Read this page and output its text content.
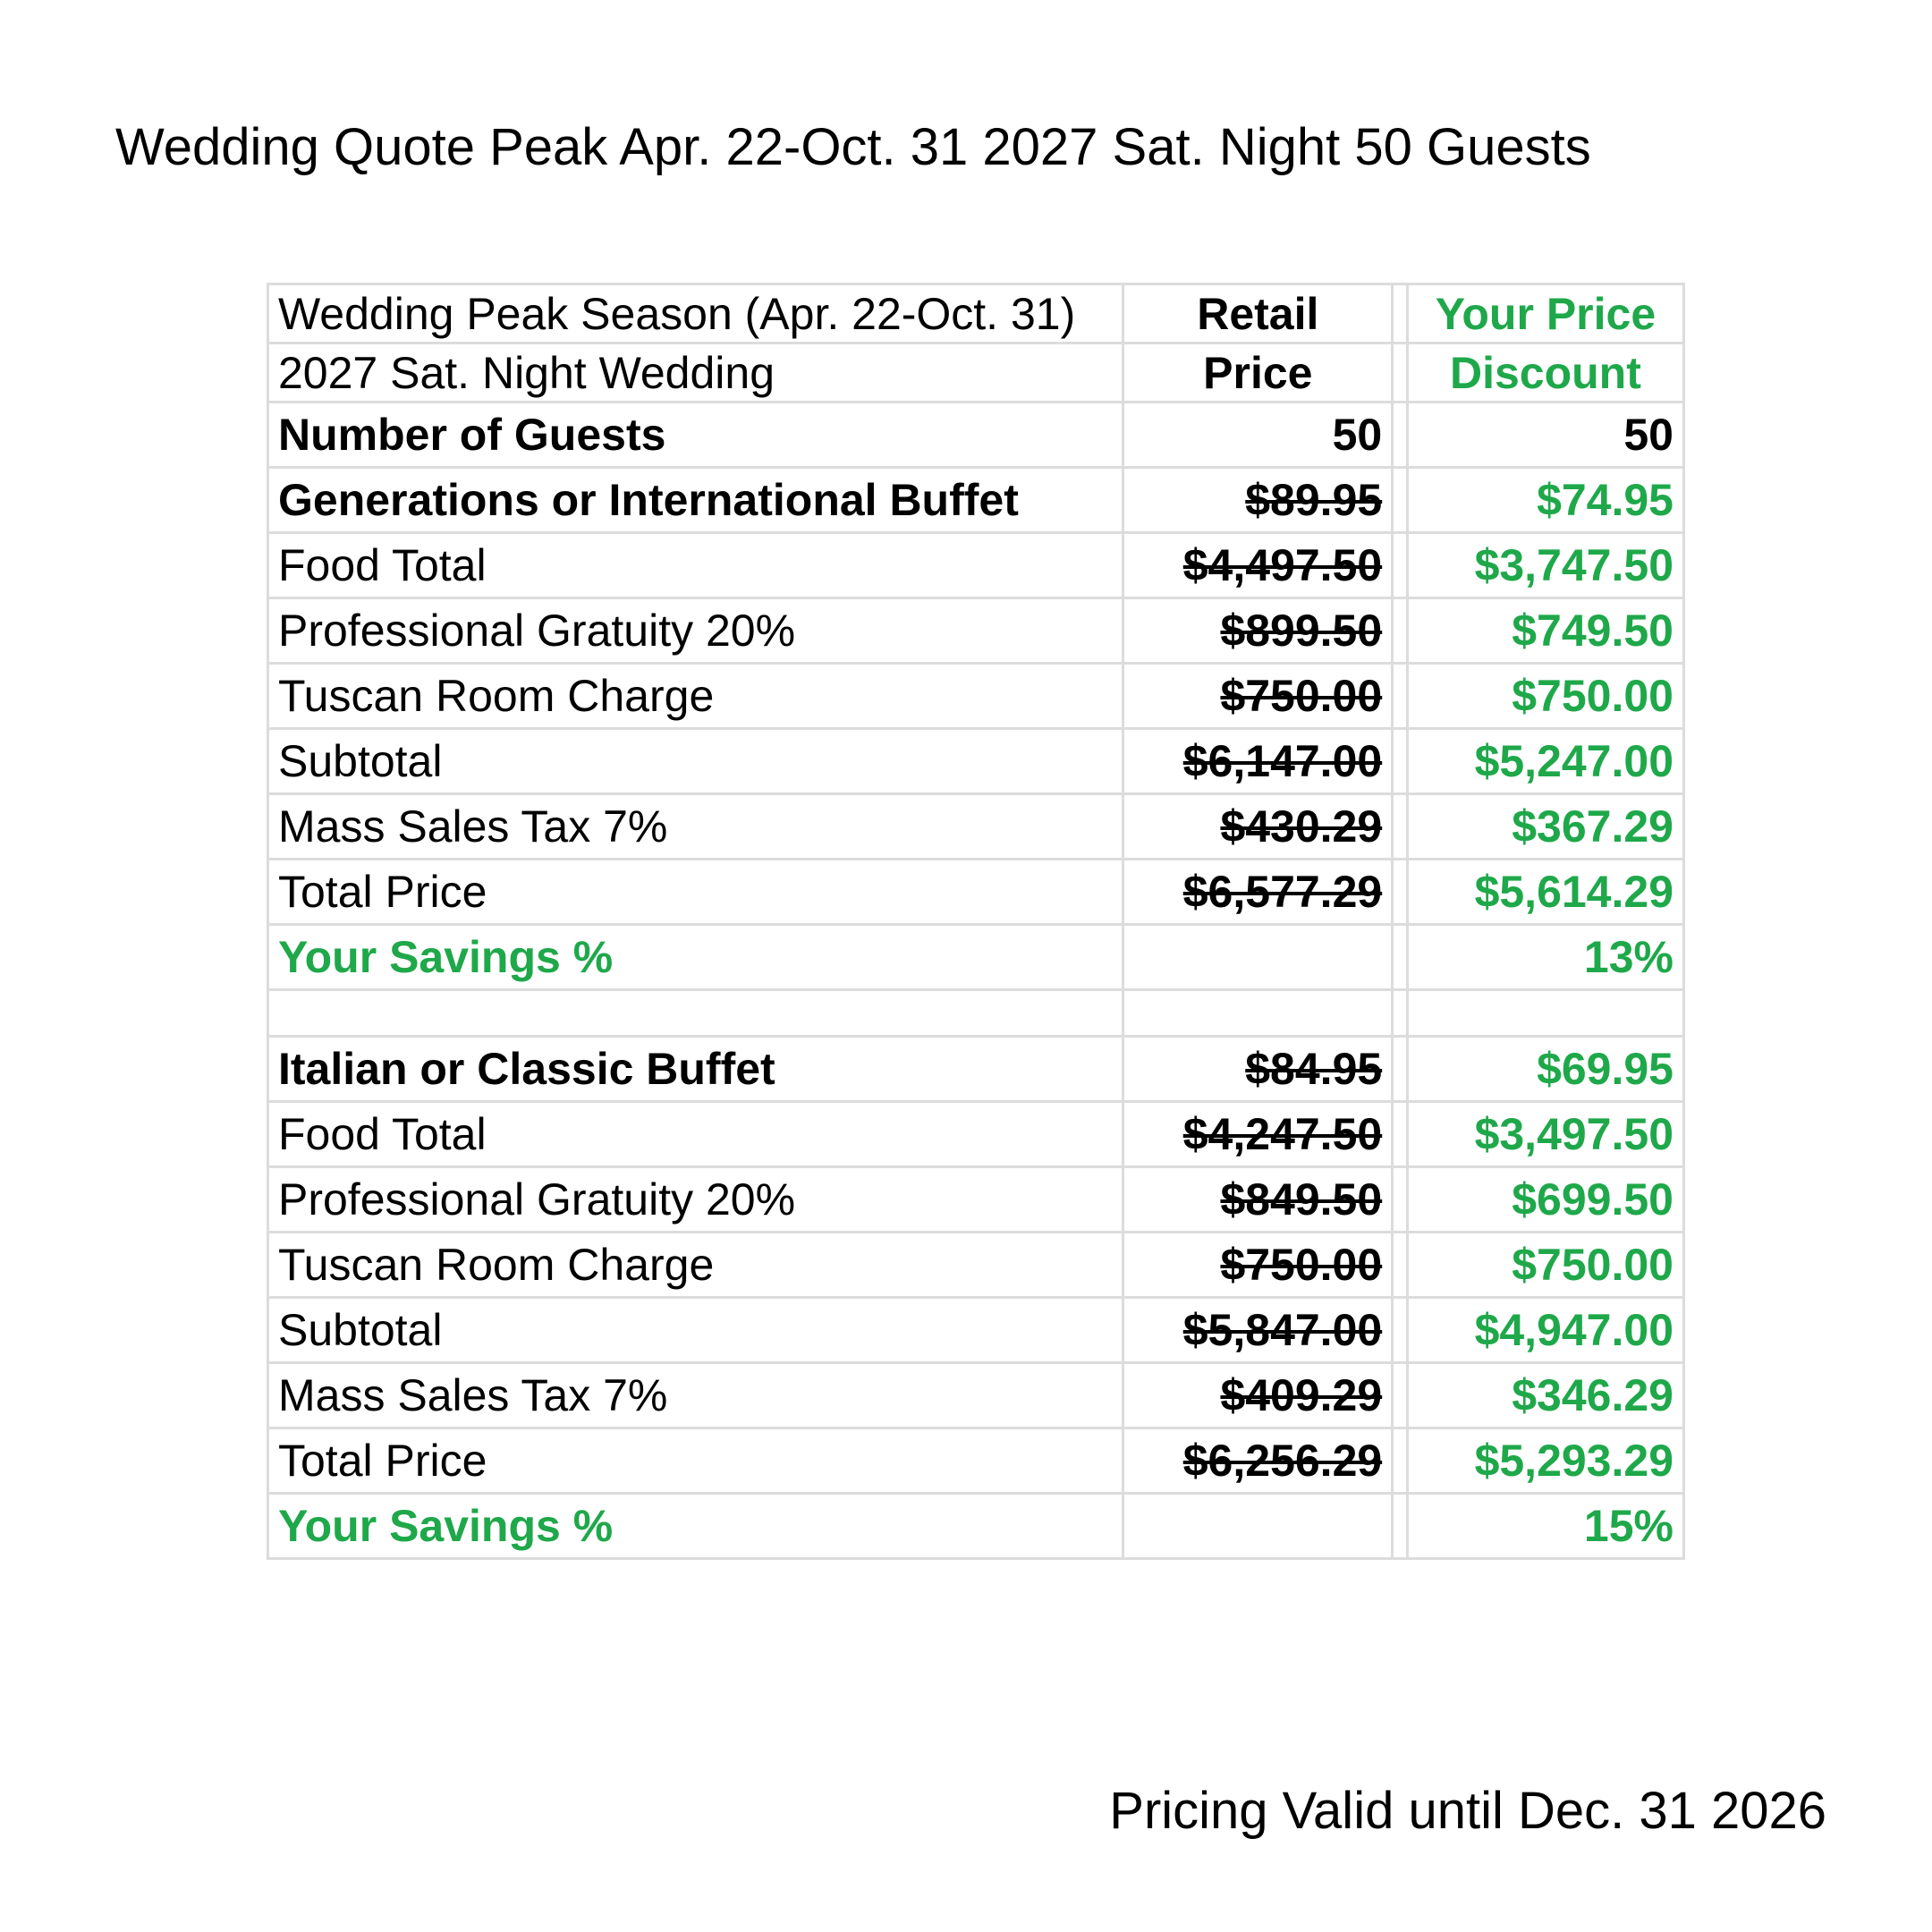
Wedding Quote Peak Apr. 22-Oct. 31 2027 Sat. Night 50 Guests
Wedding Peak Season (Apr. 22-Oct. 31)	Retail		Your Price
2027 Sat. Night Wedding	Price		Discount
Number of Guests	50		50
Generations or International Buffet	$89.95		$74.95
Food Total	$4,497.50		$3,747.50
Professional Gratuity 20%	$899.50		$749.50
Tuscan Room Charge	$750.00		$750.00
Subtotal	$6,147.00		$5,247.00
Mass Sales Tax 7%	$430.29		$367.29
Total Price	$6,577.29		$5,614.29
Your Savings %			13%

Italian or Classic Buffet	$84.95		$69.95
Food Total	$4,247.50		$3,497.50
Professional Gratuity 20%	$849.50		$699.50
Tuscan Room Charge	$750.00		$750.00
Subtotal	$5,847.00		$4,947.00
Mass Sales Tax 7%	$409.29		$346.29
Total Price	$6,256.29		$5,293.29
Your Savings %			15%
Pricing Valid until Dec. 31 2026
